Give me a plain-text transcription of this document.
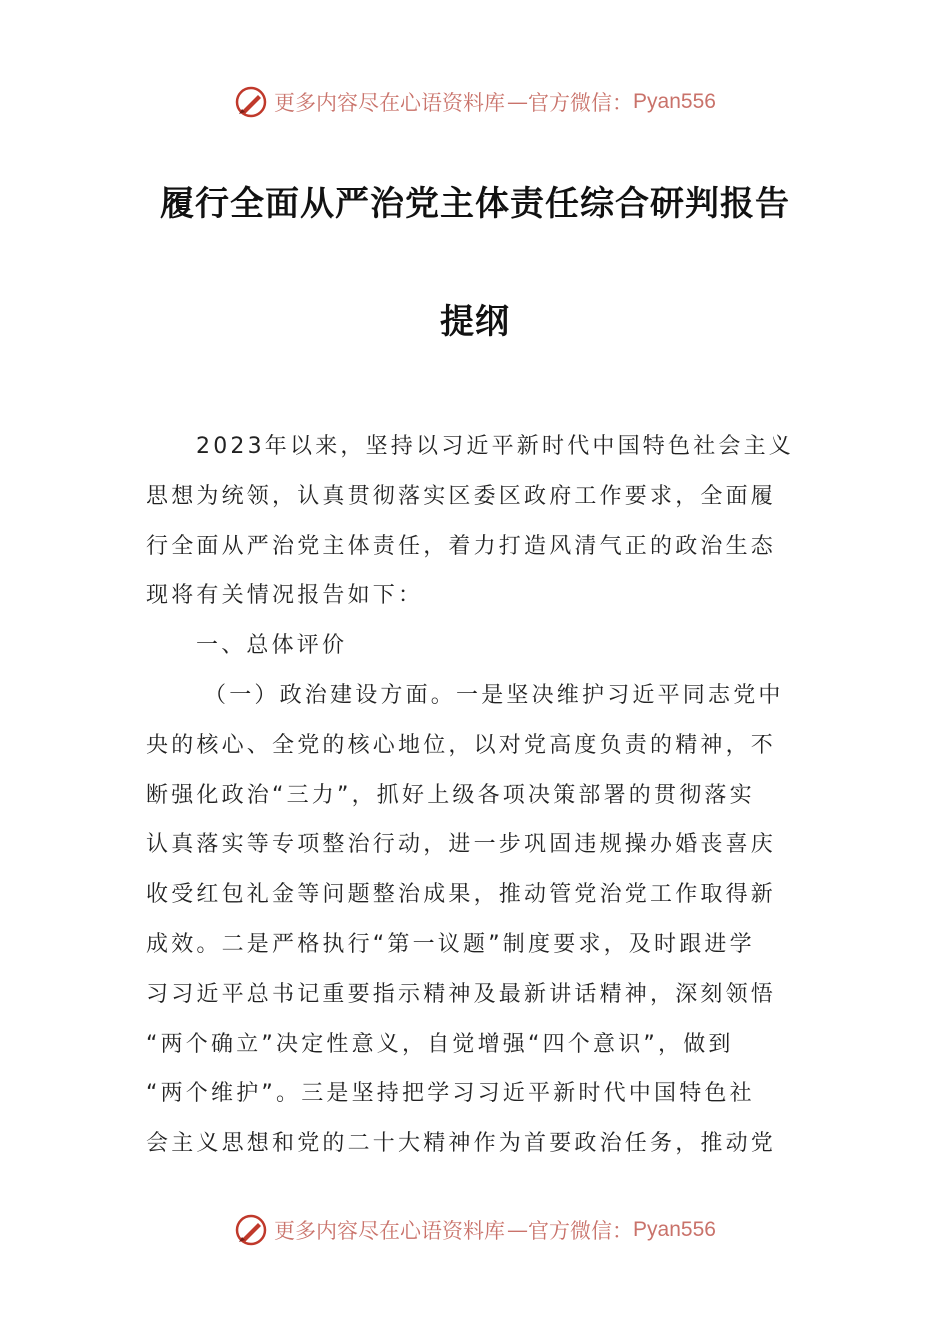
更多内容尽在心语资料库 — 官方微信： Pyan556
履行全面从严治党主体责任综合研判报告
提纲
2023年以来，坚持以习近平新时代中国特色社会主义
思想为统领，认真贯彻落实区委区政府工作要求，全面履
行全面从严治党主体责任，着力打造风清气正的政治生态
现将有关情况报告如下：
一、总体评价
（一）政治建设方面。一是坚决维护习近平同志党中
央的核心、全党的核心地位，以对党高度负责的精神，不
断强化政治“三力”，抓好上级各项决策部署的贯彻落实
认真落实等专项整治行动，进一步巩固违规操办婚丧喜庆
收受红包礼金等问题整治成果，推动管党治党工作取得新
成效。二是严格执行“第一议题”制度要求，及时跟进学
习习近平总书记重要指示精神及最新讲话精神，深刻领悟
“两个确立”决定性意义，自觉增强“四个意识”，做到
“两个维护”。三是坚持把学习习近平新时代中国特色社
会主义思想和党的二十大精神作为首要政治任务，推动党
更多内容尽在心语资料库 — 官方微信： Pyan556
